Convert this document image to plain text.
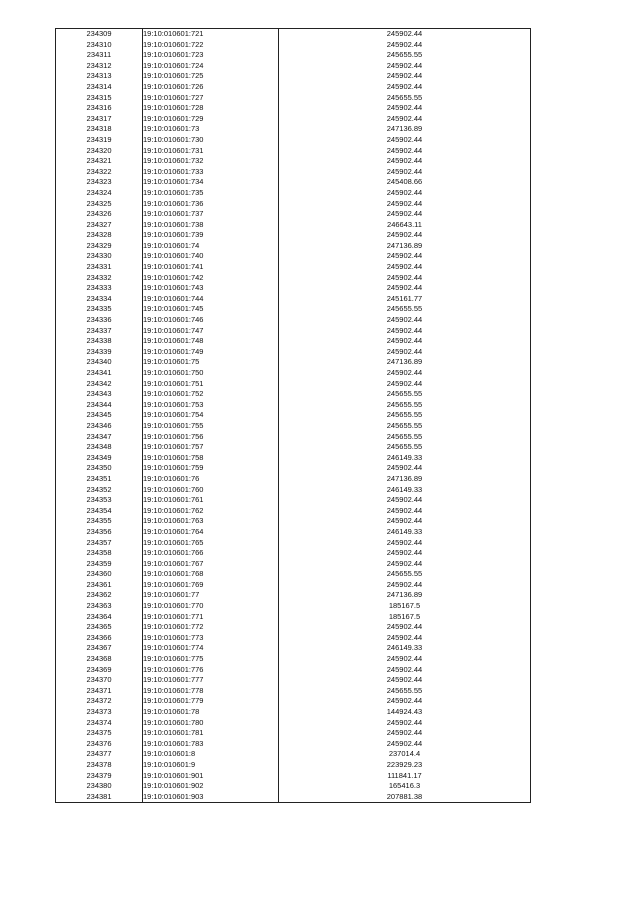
234309	19:10:010601:721	245902.44
234310	19:10:010601:722	245902.44
234311	19:10:010601:723	245655.55
234312	19:10:010601:724	245902.44
234313	19:10:010601:725	245902.44
234314	19:10:010601:726	245902.44
234315	19:10:010601:727	245655.55
234316	19:10:010601:728	245902.44
234317	19:10:010601:729	245902.44
234318	19:10:010601:73	247136.89
234319	19:10:010601:730	245902.44
234320	19:10:010601:731	245902.44
234321	19:10:010601:732	245902.44
234322	19:10:010601:733	245902.44
234323	19:10:010601:734	245408.66
234324	19:10:010601:735	245902.44
234325	19:10:010601:736	245902.44
234326	19:10:010601:737	245902.44
234327	19:10:010601:738	246643.11
234328	19:10:010601:739	245902.44
234329	19:10:010601:74	247136.89
234330	19:10:010601:740	245902.44
234331	19:10:010601:741	245902.44
234332	19:10:010601:742	245902.44
234333	19:10:010601:743	245902.44
234334	19:10:010601:744	245161.77
234335	19:10:010601:745	245655.55
234336	19:10:010601:746	245902.44
234337	19:10:010601:747	245902.44
234338	19:10:010601:748	245902.44
234339	19:10:010601:749	245902.44
234340	19:10:010601:75	247136.89
234341	19:10:010601:750	245902.44
234342	19:10:010601:751	245902.44
234343	19:10:010601:752	245655.55
234344	19:10:010601:753	245655.55
234345	19:10:010601:754	245655.55
234346	19:10:010601:755	245655.55
234347	19:10:010601:756	245655.55
234348	19:10:010601:757	245655.55
234349	19:10:010601:758	246149.33
234350	19:10:010601:759	245902.44
234351	19:10:010601:76	247136.89
234352	19:10:010601:760	246149.33
234353	19:10:010601:761	245902.44
234354	19:10:010601:762	245902.44
234355	19:10:010601:763	245902.44
234356	19:10:010601:764	246149.33
234357	19:10:010601:765	245902.44
234358	19:10:010601:766	245902.44
234359	19:10:010601:767	245902.44
234360	19:10:010601:768	245655.55
234361	19:10:010601:769	245902.44
234362	19:10:010601:77	247136.89
234363	19:10:010601:770	185167.5
234364	19:10:010601:771	185167.5
234365	19:10:010601:772	245902.44
234366	19:10:010601:773	245902.44
234367	19:10:010601:774	246149.33
234368	19:10:010601:775	245902.44
234369	19:10:010601:776	245902.44
234370	19:10:010601:777	245902.44
234371	19:10:010601:778	245655.55
234372	19:10:010601:779	245902.44
234373	19:10:010601:78	144924.43
234374	19:10:010601:780	245902.44
234375	19:10:010601:781	245902.44
234376	19:10:010601:783	245902.44
234377	19:10:010601:8	237014.4
234378	19:10:010601:9	223929.23
234379	19:10:010601:901	111841.17
234380	19:10:010601:902	165416.3
234381	19:10:010601:903	207881.38
